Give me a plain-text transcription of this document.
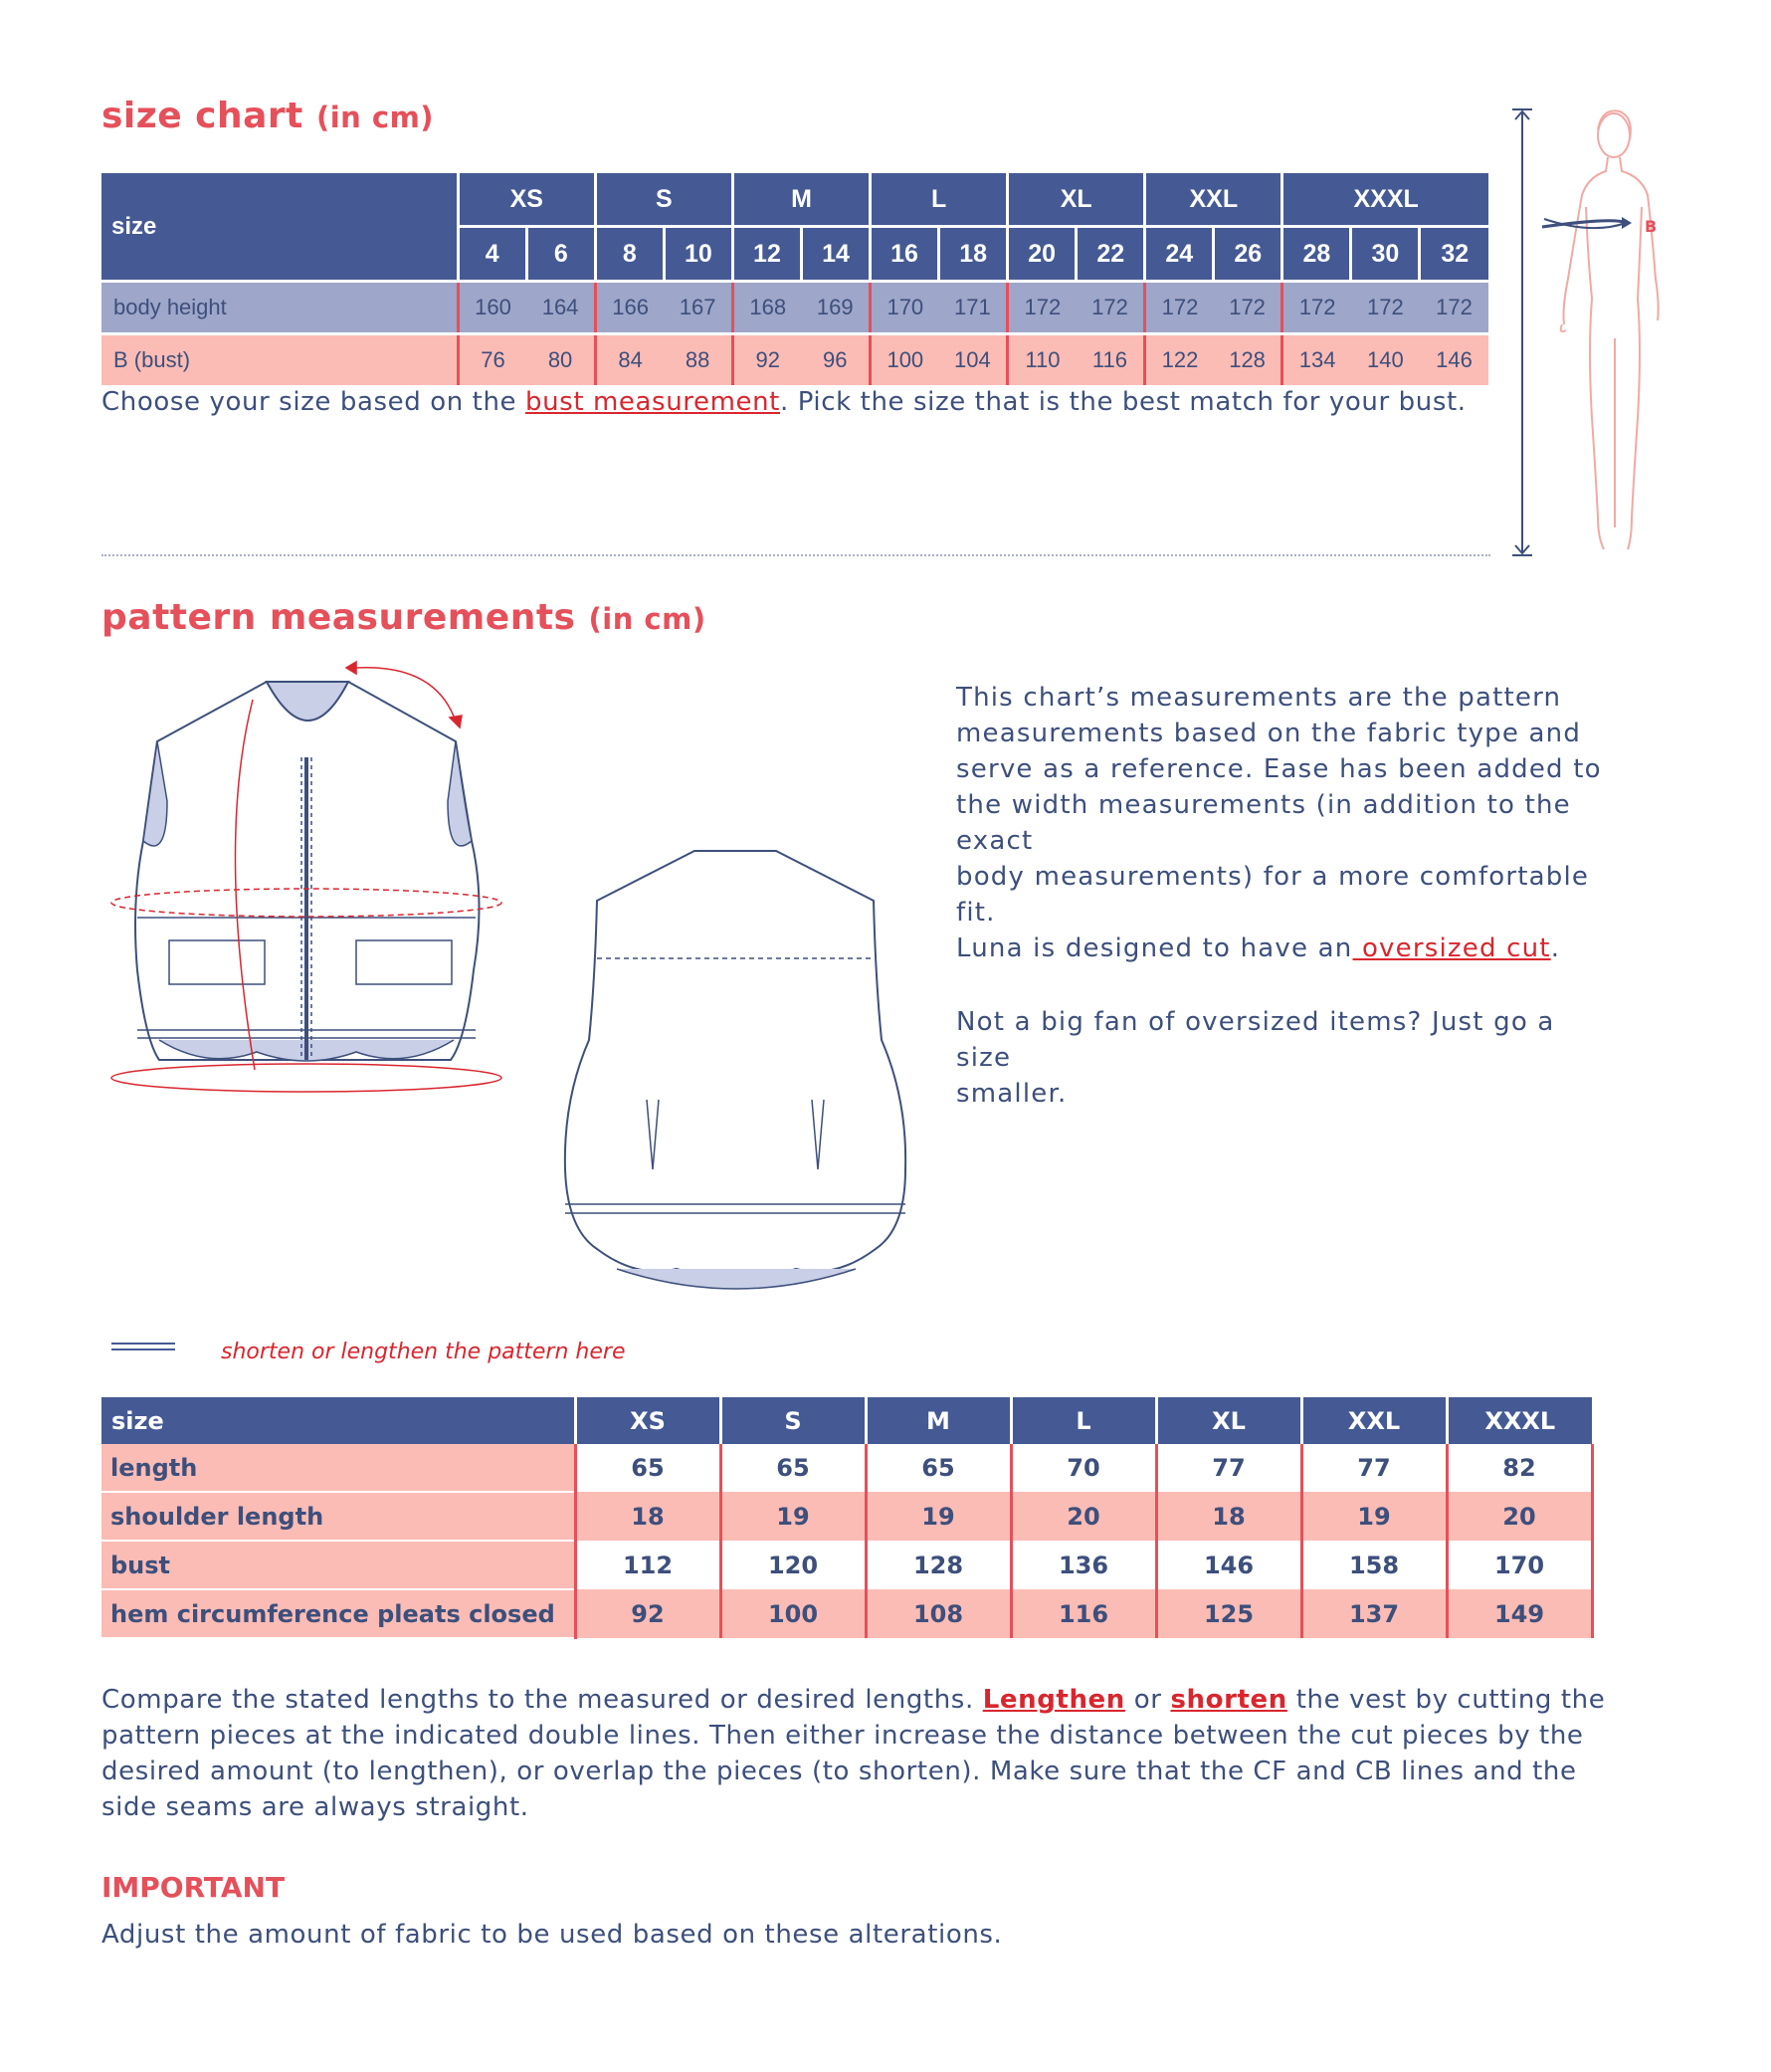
size chart (in cm)
size	XS		S		M		L		XL		XXL		XXXL		
	4	6	8	10	12	14	16	18	20	22	24	26	28	30	32
body height	160	164	166	167	168	169	170	171	172	172	172	172	172	172	172
B (bust)	76	80	84	88	92	96	100	104	110	116	122	128	134	140	146
Choose your size based on the bust measurement. Pick the size that is the best match for your bust.
B
pattern measurements (in cm)
This chart’s measurements are the pattern
measurements based on the fabric type and
serve as a reference. Ease has been added to
the width measurements (in addition to the exact
body measurements) for a more comfortable fit.
Luna is designed to have an oversized cut.
Not a big fan of oversized items? Just go a size
smaller.
shorten or lengthen the pattern here
size	XS	S	M	L	XL	XXL	XXXL
length	65	65	65	70	77	77	82
shoulder length	18	19	19	20	18	19	20
bust	112	120	128	136	146	158	170
hem circumference pleats closed	92	100	108	116	125	137	149
Compare the stated lengths to the measured or desired lengths. Lengthen or shorten the vest by cutting the
pattern pieces at the indicated double lines. Then either increase the distance between the cut pieces by the
desired amount (to lengthen), or overlap the pieces (to shorten). Make sure that the CF and CB lines and the
side seams are always straight.
IMPORTANT
Adjust the amount of fabric to be used based on these alterations.
